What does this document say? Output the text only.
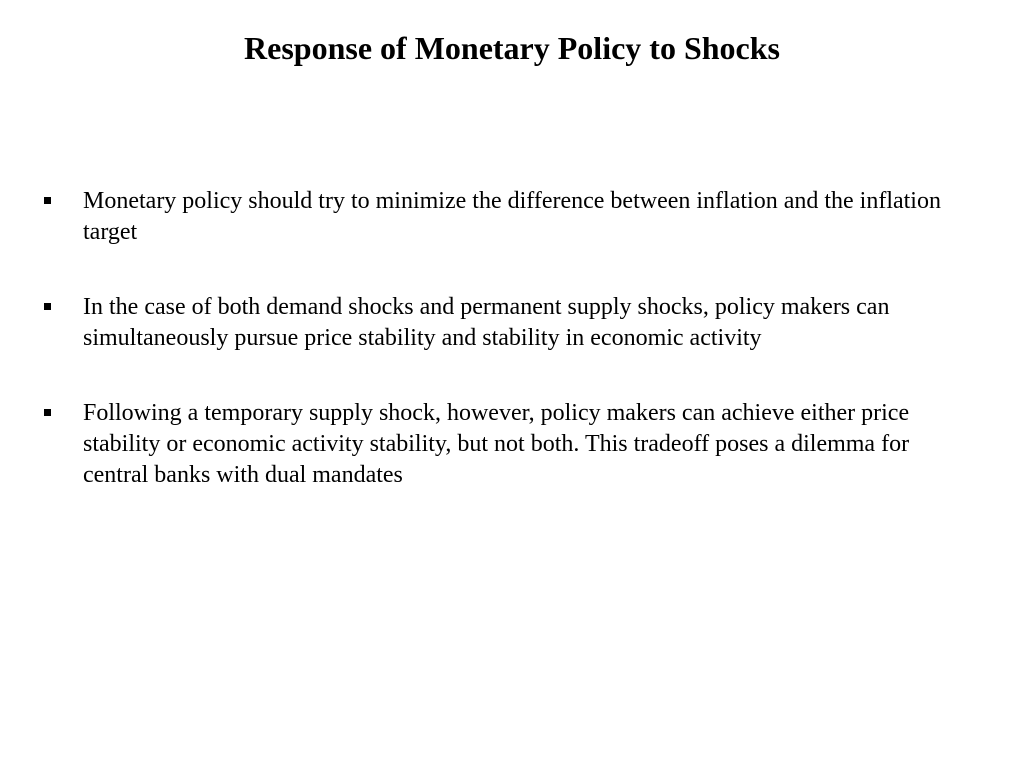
Response of Monetary Policy to Shocks
Monetary policy should try to minimize the difference between inflation and the inflation target
In the case of both demand shocks and permanent supply shocks, policy makers can simultaneously pursue price stability and stability in economic activity
Following a temporary supply shock, however, policy makers can achieve either price stability or economic activity stability, but not both. This tradeoff poses a dilemma for central banks with dual mandates
